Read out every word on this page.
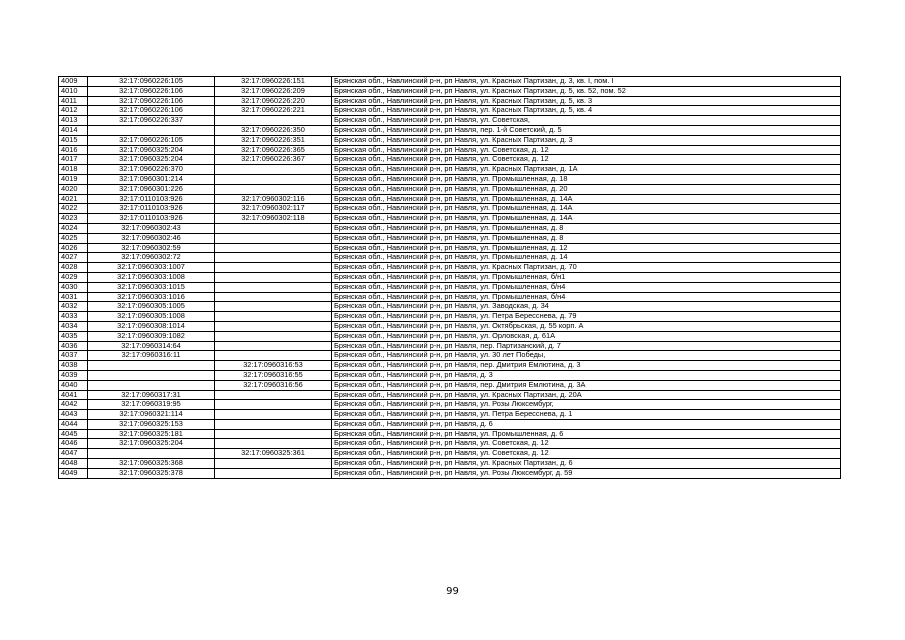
4009	32:17:0960226:105	32:17:0960226:151	Брянская обл., Навлинский р-н, рп Навля, ул. Красных Партизан, д. 3, кв. I, пом. I
4010	32:17:0960226:106	32:17:0960226:209	Брянская обл., Навлинский р-н, рп Навля, ул. Красных Партизан, д. 5, кв. 52, пом. 52
4011	32:17:0960226:106	32:17:0960226:220	Брянская обл., Навлинский р-н, рп Навля, ул. Красных Партизан, д. 5, кв. 3
4012	32:17:0960226:106	32:17:0960226:221	Брянская обл., Навлинский р-н, рп Навля, ул. Красных Партизан, д. 5, кв. 4
4013	32:17:0960226:337		Брянская обл., Навлинский р-н, рп Навля, ул. Советская,
4014		32:17:0960226:350	Брянская обл., Навлинский р-н, рп Навля, пер. 1-й Советский, д. 5
4015	32:17:0960226:105	32:17:0960226:351	Брянская обл., Навлинский р-н, рп Навля, ул. Красных Партизан, д. 3
4016	32:17:0960325:204	32:17:0960226:365	Брянская обл., Навлинский р-н, рп Навля, ул. Советская, д. 12
4017	32:17:0960325:204	32:17:0960226:367	Брянская обл., Навлинский р-н, рп Навля, ул. Советская, д. 12
4018	32:17:0960226:370		Брянская обл., Навлинский р-н, рп Навля, ул. Красных Партизан, д. 1А
4019	32:17:0960301:214		Брянская обл., Навлинский р-н, рп Навля, ул. Промышленная, д. 18
4020	32:17:0960301:226		Брянская обл., Навлинский р-н, рп Навля, ул. Промышленная, д. 20
4021	32:17:0110103:926	32:17:0960302:116	Брянская обл., Навлинский р-н, рп Навля, ул. Промышленная, д. 14А
4022	32:17:0110103:926	32:17:0960302:117	Брянская обл., Навлинский р-н, рп Навля, ул. Промышленная, д. 14А
4023	32:17:0110103:926	32:17:0960302:118	Брянская обл., Навлинский р-н, рп Навля, ул. Промышленная, д. 14А
4024	32:17:0960302:43		Брянская обл., Навлинский р-н, рп Навля, ул. Промышленная, д. 8
4025	32:17:0960302:46		Брянская обл., Навлинский р-н, рп Навля, ул. Промышленная, д. 8
4026	32:17:0960302:59		Брянская обл., Навлинский р-н, рп Навля, ул. Промышленная, д. 12
4027	32:17:0960302:72		Брянская обл., Навлинский р-н, рп Навля, ул. Промышленная, д. 14
4028	32:17:0960303:1007		Брянская обл., Навлинский р-н, рп Навля, ул. Красных Партизан, д. 70
4029	32:17:0960303:1008		Брянская обл., Навлинский р-н, рп Навля, ул. Промышленная, б/н1
4030	32:17:0960303:1015		Брянская обл., Навлинский р-н, рп Навля, ул. Промышленная, б/н4
4031	32:17:0960303:1016		Брянская обл., Навлинский р-н, рп Навля, ул. Промышленная, б/н4
4032	32:17:0960305:1005		Брянская обл., Навлинский р-н, рп Навля, ул. Заводская, д. 34
4033	32:17:0960305:1008		Брянская обл., Навлинский р-н, рп Навля, ул. Петра Бересснева, д. 79
4034	32:17:0960308:1014		Брянская обл., Навлинский р-н, рп Навля, ул. Октябрьская, д. 55 корп. А
4035	32:17:0960309:1082		Брянская обл., Навлинский р-н, рп Навля, ул. Орловская, д. 61А
4036	32:17:0960314:64		Брянская обл., Навлинский р-н, рп Навля, пер. Партизанский, д. 7
4037	32:17:0960316:11		Брянская обл., Навлинский р-н, рп Навля, ул. 30 лет Победы,
4038		32:17:0960316:53	Брянская обл., Навлинский р-н, рп Навля, пер. Дмитрия Емлютина, д. 3
4039		32:17:0960316:55	Брянская обл., Навлинский р-н, рп Навля, д. 3
4040		32:17:0960316:56	Брянская обл., Навлинский р-н, рп Навля, пер. Дмитрия Емлютина, д. 3А
4041	32:17:0960317:31		Брянская обл., Навлинский р-н, рп Навля, ул. Красных Партизан, д. 20А
4042	32:17:0960319:95		Брянская обл., Навлинский р-н, рп Навля, ул. Розы Люксембург,
4043	32:17:0960321:114		Брянская обл., Навлинский р-н, рп Навля, ул. Петра Бересснева, д. 1
4044	32:17:0960325:153		Брянская обл., Навлинский р-н, рп Навля, д. 6
4045	32:17:0960325:181		Брянская обл., Навлинский р-н, рп Навля, ул. Промышленная, д. 6
4046	32:17:0960325:204		Брянская обл., Навлинский р-н, рп Навля, ул. Советская, д. 12
4047		32:17:0960325:361	Брянская обл., Навлинский р-н, рп Навля, ул. Советская, д. 12
4048	32:17:0960325:368		Брянская обл., Навлинский р-н, рп Навля, ул. Красных Партизан, д. 6
4049	32:17:0960325:378		Брянская обл., Навлинский р-н, рп Навля, ул. Розы Люксембург, д. 59
99
